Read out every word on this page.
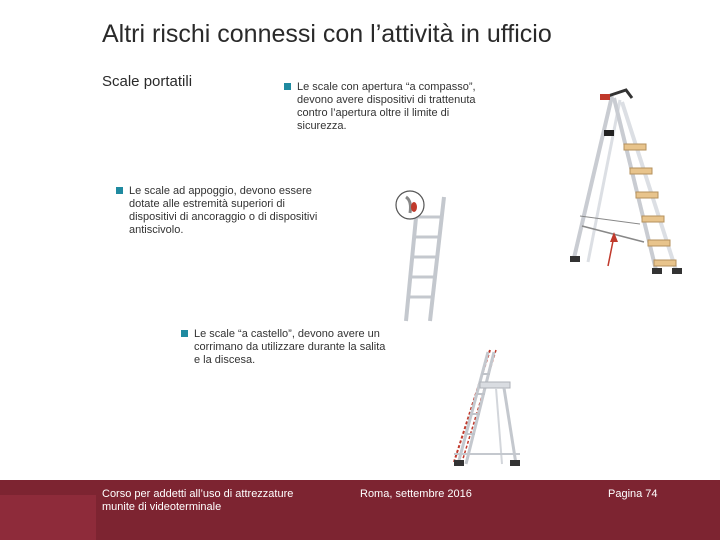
Altri rischi connessi con l’attività in ufficio
Scale portatili	Le scale con apertura “a compasso”,
devono avere dispositivi di trattenuta
contro l’apertura oltre il limite di
sicurezza.
Le scale ad appoggio, devono essere
dotate alle estremità superiori di
dispositivi di ancoraggio o di dispositivi
antiscivolo.
Le scale “a castello”, devono avere un
corrimano da utilizzare durante la salita
e la discesa.
Corso per addetti all’uso di attrezzature
munite di videoterminale
Roma, settembre 2016	Pagina 74
